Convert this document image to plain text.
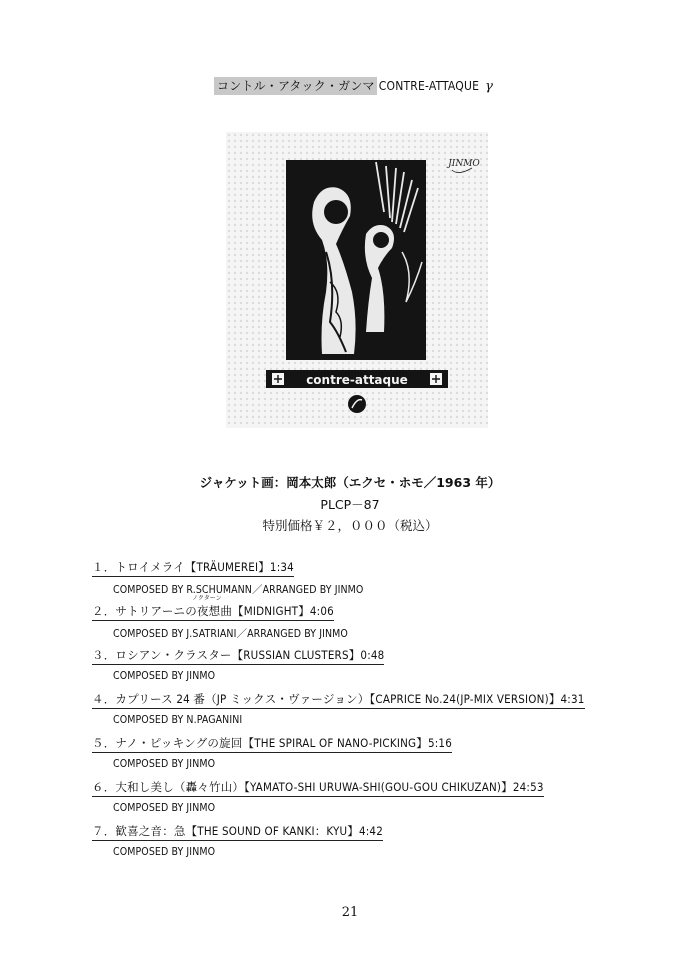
コントル・アタック・ガンマ CONTRE-ATTAQUE γ
contre-attaque
JINMO
ジャケット画：岡本太郎（エクセ・ホモ／1963 年）
PLCP－87
特別価格￥２，０００（税込）
１．トロイメライ【TRÄUMEREI】1:34
COMPOSED BY R.SCHUMANN／ARRANGED BY JINMO
ノクターン
２．サトリアーニの夜想曲【MIDNIGHT】4:06
COMPOSED BY J.SATRIANI／ARRANGED BY JINMO
３．ロシアン・クラスター【RUSSIAN CLUSTERS】0:48
COMPOSED BY JINMO
４．カプリース 24 番（JP ミックス・ヴァージョン）【CAPRICE No.24(JP-MIX VERSION)】4:31
COMPOSED BY N.PAGANINI
５．ナノ・ピッキングの旋回【THE SPIRAL OF NANO-PICKING】5:16
COMPOSED BY JINMO
６．大和し美し（轟々竹山）【YAMATO-SHI URUWA-SHI(GOU-GOU CHIKUZAN)】24:53
COMPOSED BY JINMO
７．歓喜之音：急【THE SOUND OF KANKI：KYU】4:42
COMPOSED BY JINMO
21
